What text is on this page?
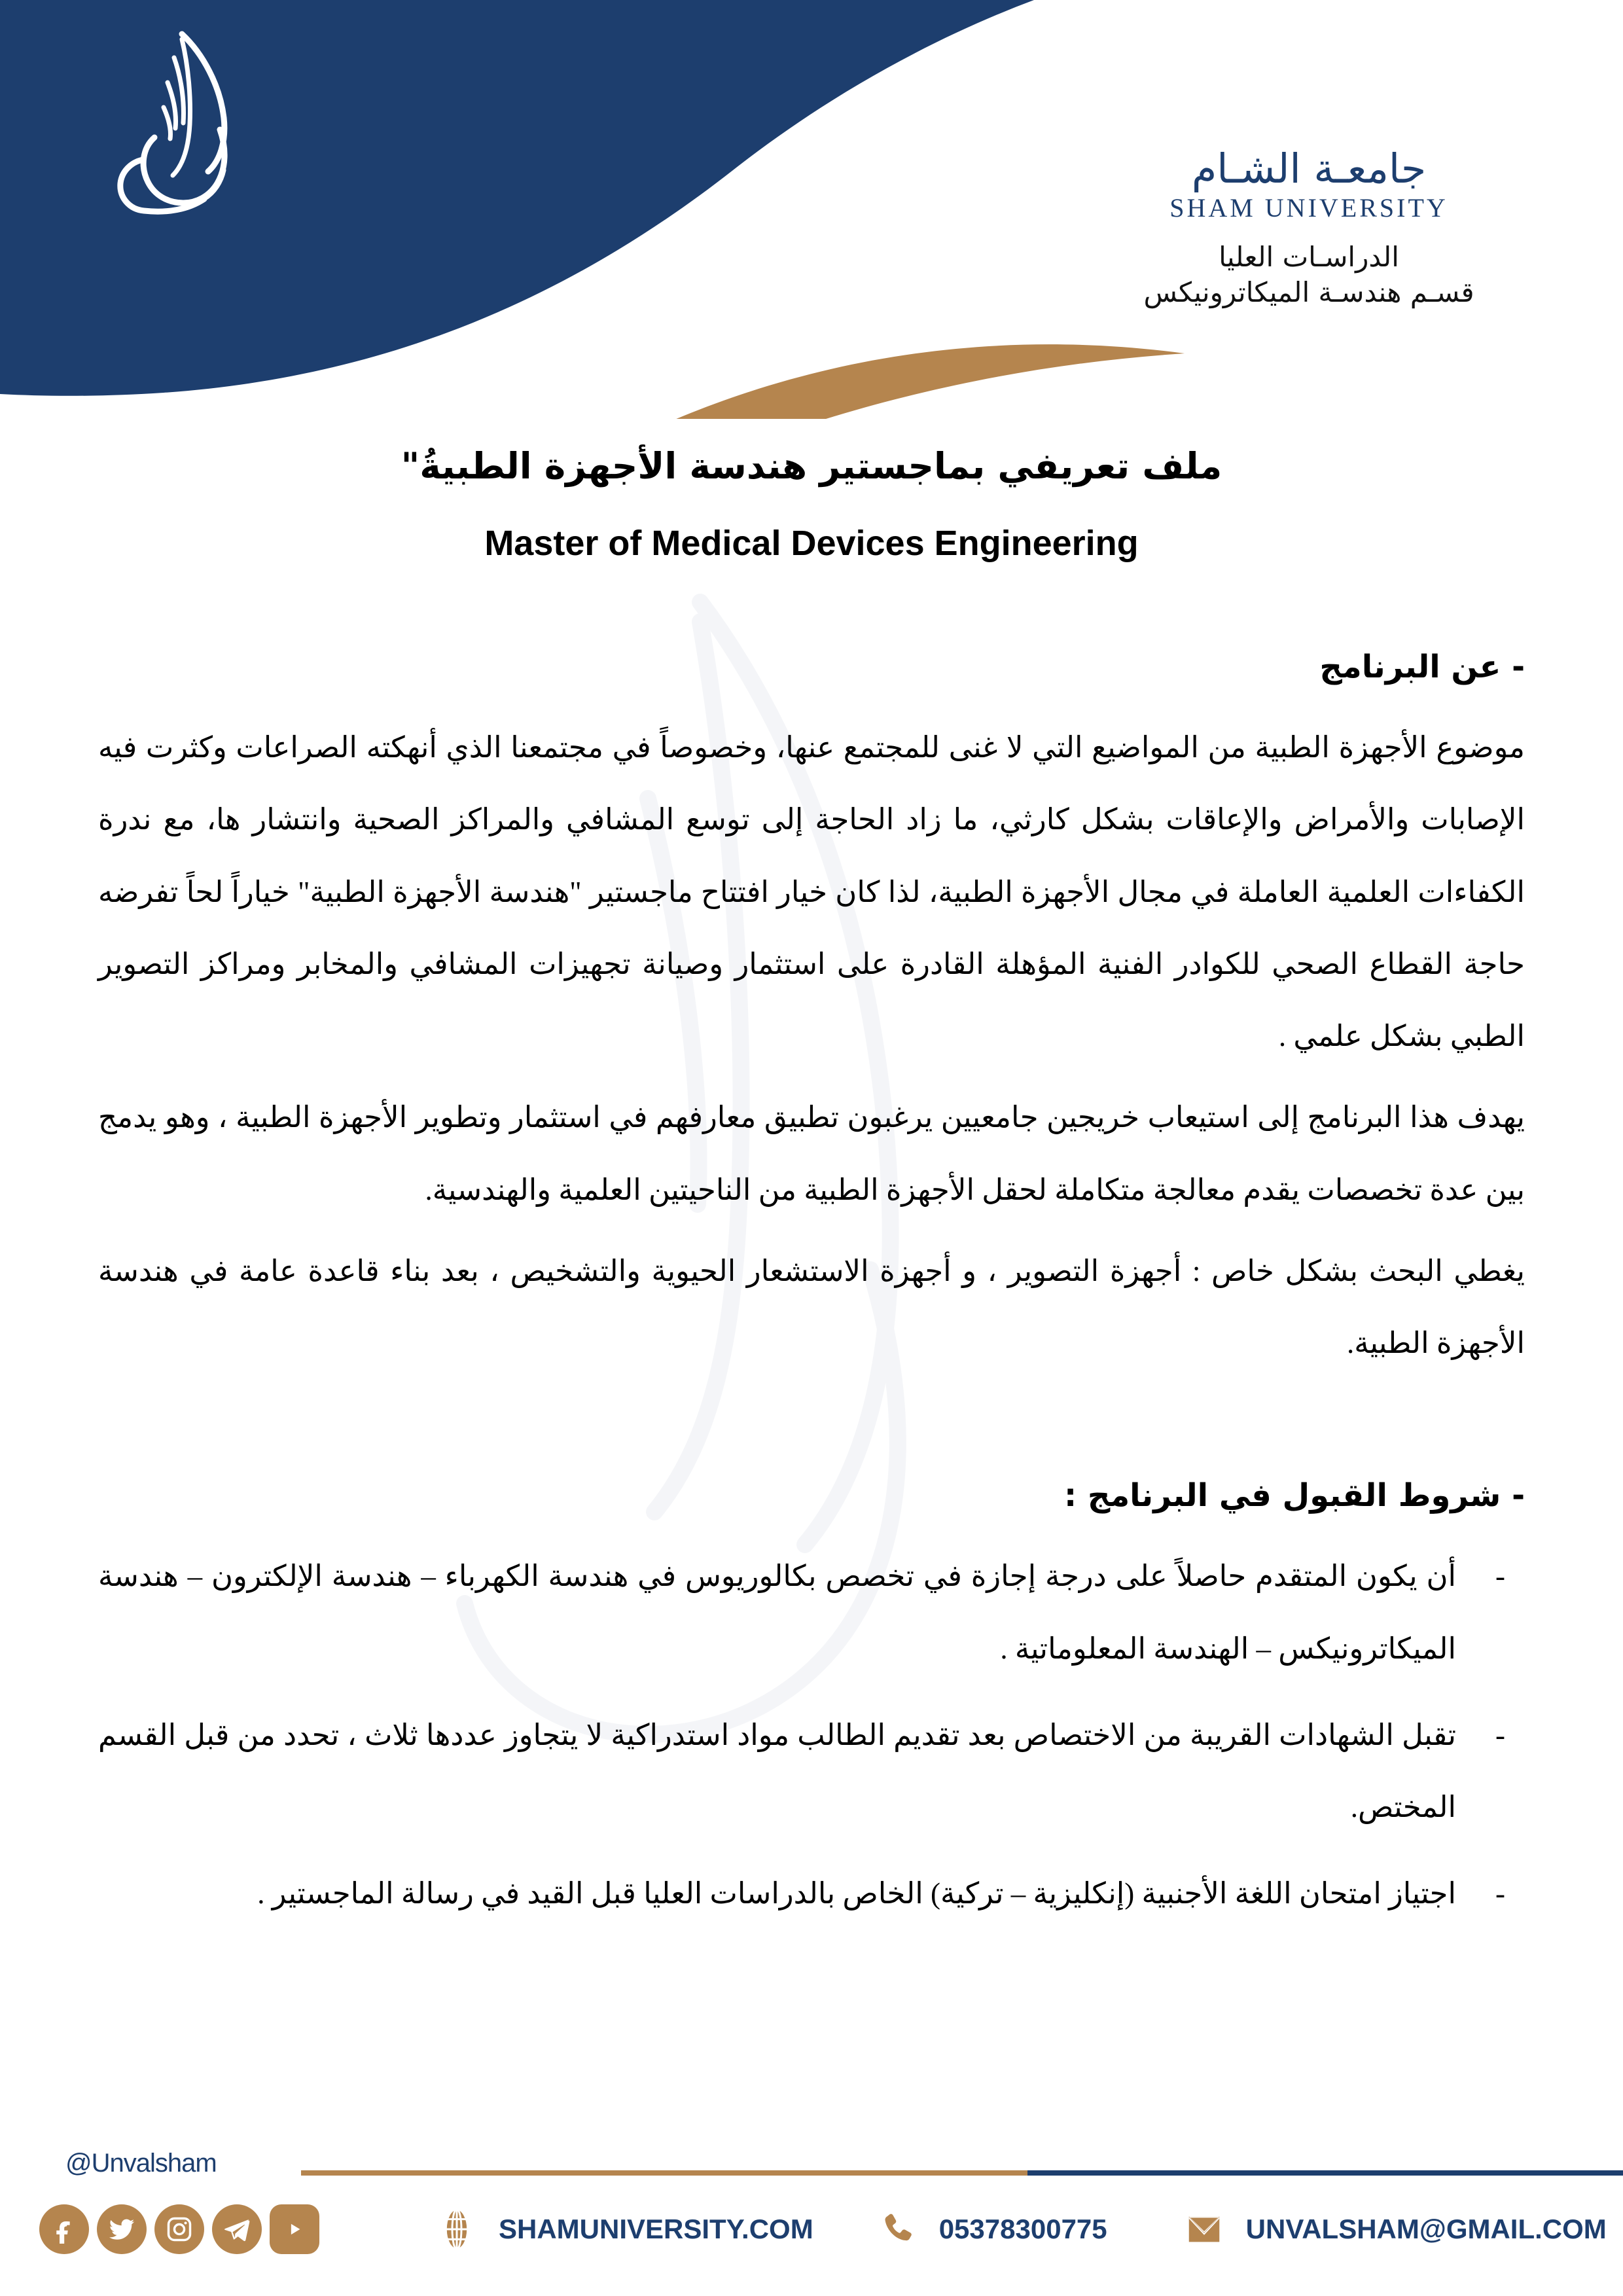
جامعـة الشـام
SHAM UNIVERSITY
الدراسـات العليا
قسـم هندسـة الميكاترونيكس
ملف تعريفي بماجستير هندسة الأجهزة الطبيةُ"
Master of Medical Devices Engineering
- عن البرنامج

موضوع الأجهزة الطبية من المواضيع التي لا غنى للمجتمع عنها، وخصوصاً في مجتمعنا الذي أنهكته الصراعات وكثرت فيه الإصابات والأمراض والإعاقات بشكل كارثي، ما زاد الحاجة إلى توسع المشافي والمراكز الصحية وانتشار ها، مع ندرة الكفاءات العلمية العاملة في مجال الأجهزة الطبية، لذا كان خيار افتتاح ماجستير "هندسة الأجهزة الطبية" خياراً لحاً تفرضه حاجة القطاع الصحي للكوادر الفنية المؤهلة القادرة على استثمار وصيانة تجهيزات المشافي والمخابر ومراكز التصوير الطبي بشكل علمي .

يهدف هذا البرنامج إلى استيعاب خريجين جامعيين يرغبون تطبيق معارفهم في استثمار وتطوير الأجهزة الطبية ، وهو يدمج بين عدة تخصصات يقدم معالجة متكاملة لحقل الأجهزة الطبية من الناحيتين العلمية والهندسية.

يغطي البحث بشكل خاص : أجهزة التصوير ، و أجهزة الاستشعار الحيوية والتشخيص ، بعد بناء قاعدة عامة في هندسة الأجهزة الطبية.

- شروط القبول في البرنامج :
-
أن يكون المتقدم حاصلاً على درجة إجازة في تخصص بكالوريوس في هندسة الكهرباء – هندسة الإلكترون – هندسة الميكاترونيكس – الهندسة المعلوماتية .
-
تقبل الشهادات القريبة من الاختصاص بعد تقديم الطالب مواد استدراكية لا يتجاوز عددها ثلاث ، تحدد من قبل القسم المختص.
-
اجتياز امتحان اللغة الأجنبية (إنكليزية – تركية) الخاص بالدراسات العليا قبل القيد في رسالة الماجستير .
@Unvalsham
SHAMUNIVERSITY.COM	05378300775	UNVALSHAM@GMAIL.COM
